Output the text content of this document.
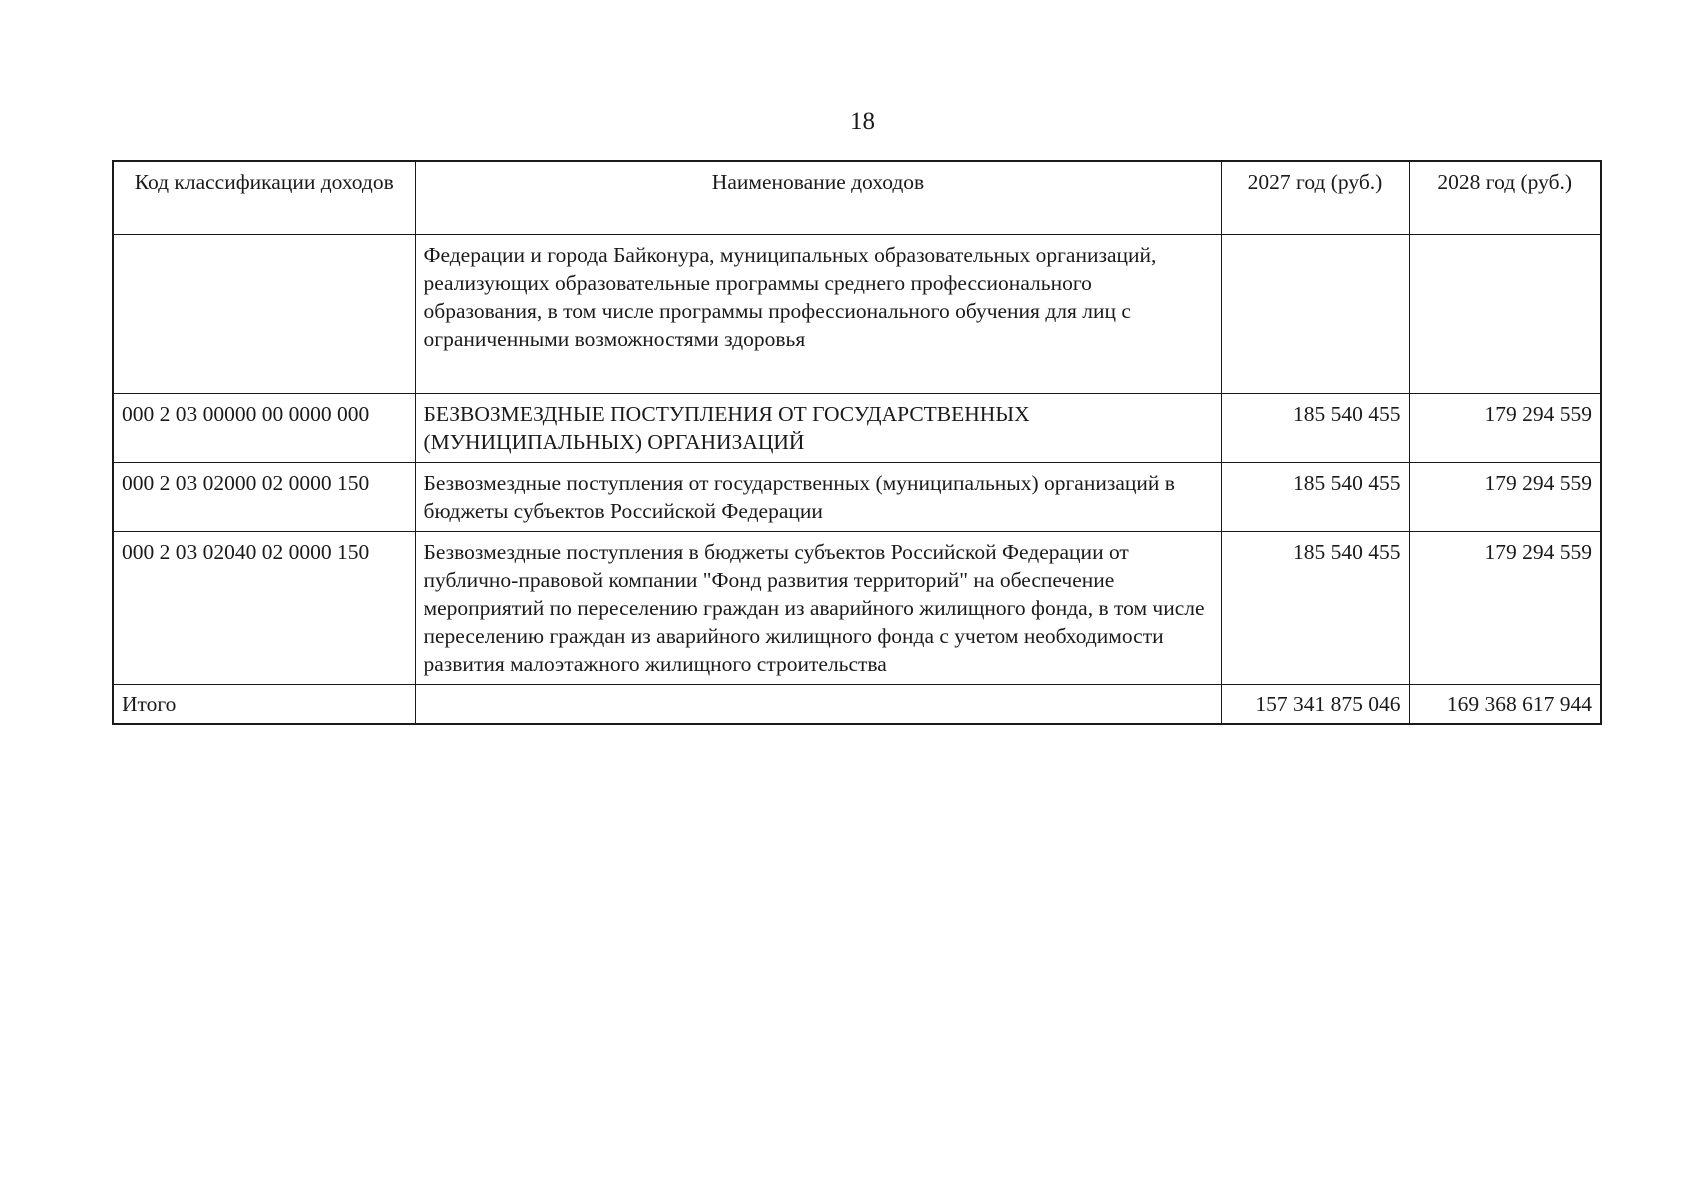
18
Код классификации доходов	Наименование доходов	2027 год (руб.)	2028 год (руб.)
	Федерации и города Байконура, муниципальных образовательных организаций, реализующих образовательные программы среднего профессионального образования, в том числе программы профессионального обучения для лиц с ограниченными возможностями здоровья		
000 2 03 00000 00 0000 000	БЕЗВОЗМЕЗДНЫЕ ПОСТУПЛЕНИЯ ОТ ГОСУДАРСТВЕННЫХ (МУНИЦИПАЛЬНЫХ) ОРГАНИЗАЦИЙ	185 540 455	179 294 559
000 2 03 02000 02 0000 150	Безвозмездные поступления от государственных (муниципальных) организаций в бюджеты субъектов Российской Федерации	185 540 455	179 294 559
000 2 03 02040 02 0000 150	Безвозмездные поступления в бюджеты субъектов Российской Федерации от публично-правовой компании "Фонд развития территорий" на обеспечение мероприятий по переселению граждан из аварийного жилищного фонда, в том числе переселению граждан из аварийного жилищного фонда с учетом необходимости развития малоэтажного жилищного строительства	185 540 455	179 294 559
Итого		157 341 875 046	169 368 617 944
